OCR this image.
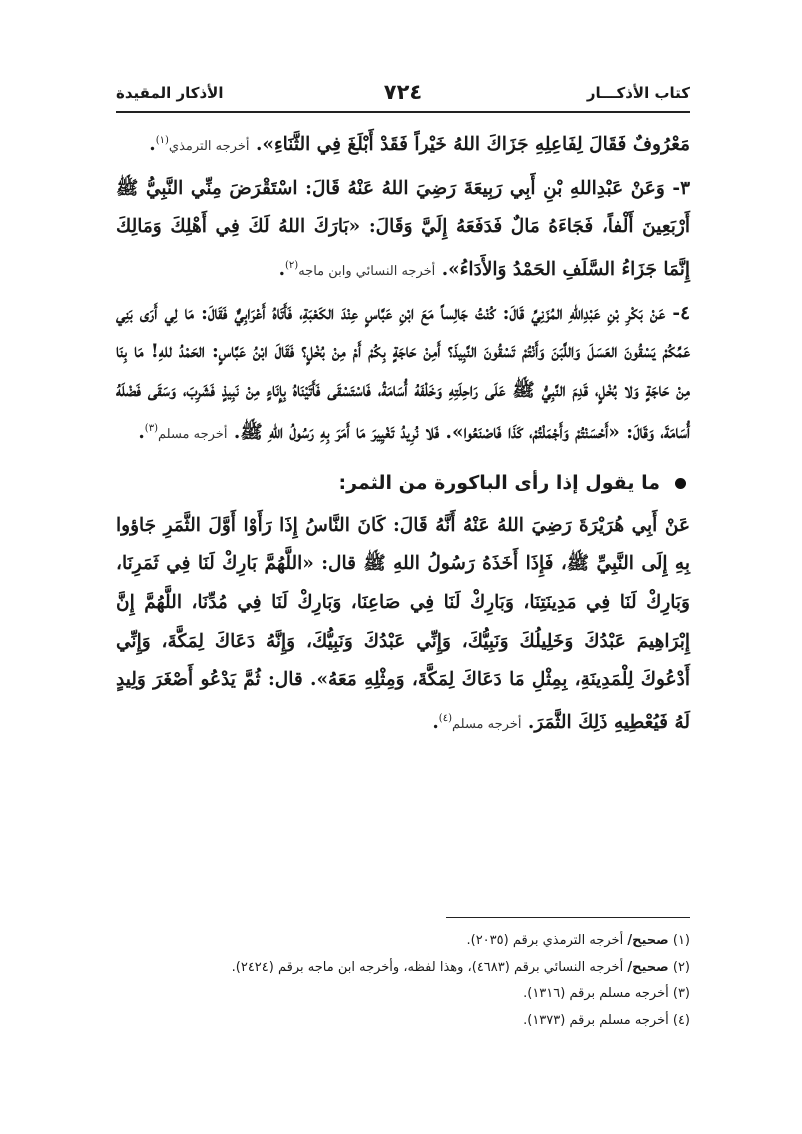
كتاب الأذكـــار
٧٢٤
الأذكار المقيدة

مَعْرُوفٌ فَقَالَ لِفَاعِلِهِ جَزَاكَ اللهُ خَيْراً فَقَدْ أَبْلَغَ فِي الثَّنَاءِ». أخرجه الترمذي$^{(١)}$.

٣- وَعَنْ عَبْدِاللهِ بْنِ أَبِي رَبِيعَةَ رَضِيَ اللهُ عَنْهُ قَالَ: اسْتَقْرَضَ مِنِّي النَّبِيُّ ﷺ أَرْبَعِينَ أَلْفاً، فَجَاءَهُ مَالٌ فَدَفَعَهُ إِلَيَّ وَقَالَ: «بَارَكَ اللهُ لَكَ فِي أَهْلِكَ وَمَالِكَ إِنَّمَا جَزَاءُ السَّلَفِ الحَمْدُ وَالأَدَاءُ». أخرجه النسائي وابن ماجه$^{(٢)}$.

٤- عَنْ بَكْرِ بْنِ عَبْدِاللهِ المُزَنِيِّ قَالَ: كُنْتُ جَالِساً مَعَ ابْنِ عَبَّاسٍ عِنْدَ الكَعْبَةِ، فَأَتَاهُ أَعْرَابِيٌّ فَقَالَ: مَا لِي أَرَى بَنِي عَمِّكُمْ يَسْقُونَ العَسَلَ وَاللَّبَنَ وَأَنْتُمْ تَسْقُونَ النَّبِيذَ؟ أَمِنْ حَاجَةٍ بِكُمْ أَمْ مِنْ بُخْلٍ؟ فَقَالَ ابْنُ عَبَّاسٍ: الحَمْدُ للهِ! مَا بِنَا مِنْ حَاجَةٍ وَلا بُخْلٍ، قَدِمَ النَّبِيُّ ﷺ عَلَى رَاحِلَتِهِ وَخَلْفَهُ أُسَامَةُ، فَاسْتَسْقَى فَأَتَيْنَاهُ بِإِنَاءٍ مِنْ نَبِيذٍ فَشَرِبَ، وَسَقَى فَضْلَهُ أُسَامَةَ، وَقَالَ: «أَحْسَنْتُمْ وَأَجْمَلْتُمْ، كَذَا فَاصْنَعُوا». فَلا نُرِيدُ تَغْيِيرَ مَا أَمَرَ بِهِ رَسُولُ اللهِ ﷺ. أخرجه مسلم$^{(٣)}$.

ما يقول إذا رأى الباكورة من الثمر:

عَنْ أَبِي هُرَيْرَةَ رَضِيَ اللهُ عَنْهُ أَنَّهُ قَالَ: كَانَ النَّاسُ إِذَا رَأَوْا أَوَّلَ الثَّمَرِ جَاؤوا بِهِ إِلَى النَّبِيِّ ﷺ، فَإِذَا أَخَذَهُ رَسُولُ اللهِ ﷺ قال: «اللَّهُمَّ بَارِكْ لَنَا فِي ثَمَرِنَا، وَبَارِكْ لَنَا فِي مَدِينَتِنَا، وَبَارِكْ لَنَا فِي صَاعِنَا، وَبَارِكْ لَنَا فِي مُدِّنَا، اللَّهُمَّ إِنَّ إِبْرَاهِيمَ عَبْدُكَ وَخَلِيلُكَ وَنَبِيُّكَ، وَإِنِّي عَبْدُكَ وَنَبِيُّكَ، وَإِنَّهُ دَعَاكَ لِمَكَّةَ، وَإِنِّي أَدْعُوكَ لِلْمَدِينَةِ، بِمِثْلِ مَا دَعَاكَ لِمَكَّةَ، وَمِثْلِهِ مَعَهُ». قال: ثُمَّ يَدْعُو أَصْغَرَ وَلِيدٍ لَهُ فَيُعْطِيهِ ذَلِكَ الثَّمَرَ. أخرجه مسلم$^{(٤)}$.

(١) صحيح/ أخرجه الترمذي برقم (٢٠٣٥).
(٢) صحيح/ أخرجه النسائي برقم (٤٦٨٣)، وهذا لفظه، وأخرجه ابن ماجه برقم (٢٤٢٤).
(٣) أخرجه مسلم برقم (١٣١٦).
(٤) أخرجه مسلم برقم (١٣٧٣).
